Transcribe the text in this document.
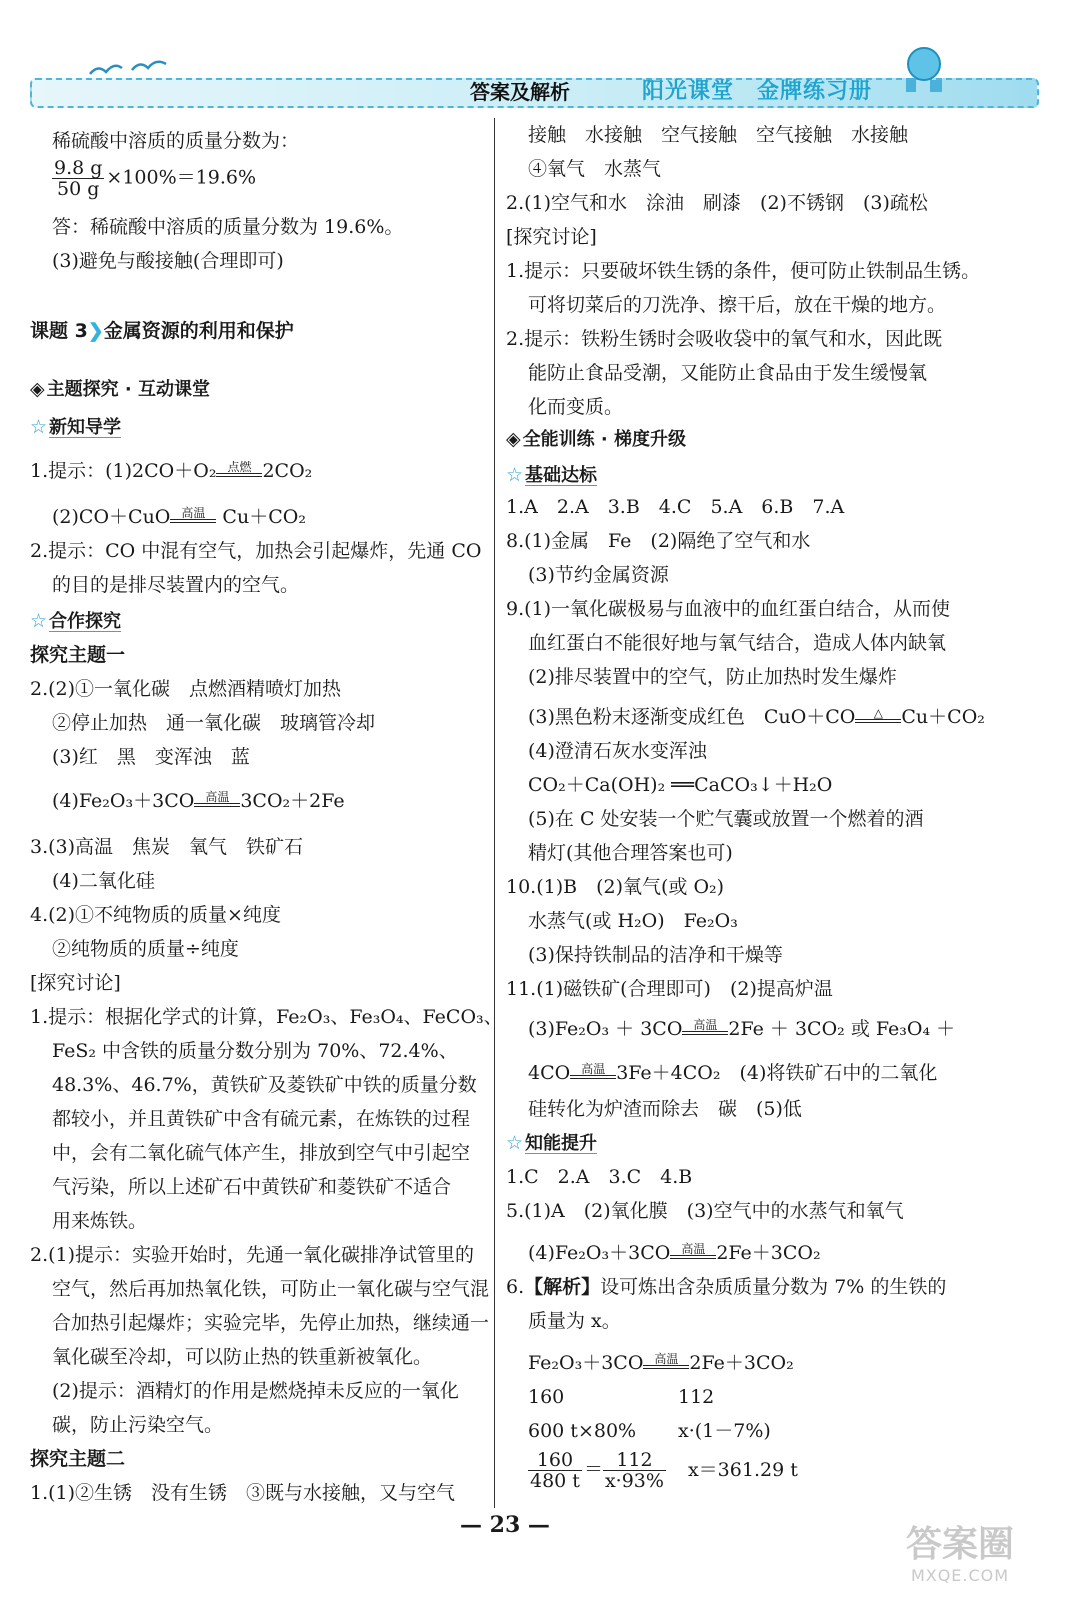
答案及解析	阳光课堂　金牌练习册
稀硫酸中溶质的质量分数为：
$\frac{9.8 g}{50 g} \times 100\%=19.6\%$
答：稀硫酸中溶质的质量分数为 19.6%。
(3)避免与酸接触(合理即可)
课题 3❯金属资源的利用和保护
◈ 主题探究 · 互动课堂
☆ 新知导学
1.提示：(1)2CO＋O₂ 点燃 2CO₂
(2)CO＋CuO 高温 Cu＋CO₂
2.提示：CO 中混有空气，加热会引起爆炸，先通 CO
的目的是排尽装置内的空气。
☆ 合作探究
探究主题一
2.(2)①一氧化碳　点燃酒精喷灯加热
②停止加热　通一氧化碳　玻璃管冷却
(3)红　黑　变浑浊　蓝
(4)Fe₂O₃＋3CO 高温 3CO₂＋2Fe
3.(3)高温　焦炭　氧气　铁矿石
(4)二氧化硅
4.(2)①不纯物质的质量×纯度
②纯物质的质量÷纯度
[探究讨论]
1.提示：根据化学式的计算，Fe₂O₃、Fe₃O₄、FeCO₃、
FeS₂ 中含铁的质量分数分别为 70%、72.4%、
48.3%、46.7%，黄铁矿及菱铁矿中铁的质量分数
都较小，并且黄铁矿中含有硫元素，在炼铁的过程
中，会有二氧化硫气体产生，排放到空气中引起空
气污染，所以上述矿石中黄铁矿和菱铁矿不适合
用来炼铁。
2.(1)提示：实验开始时，先通一氧化碳排净试管里的
空气，然后再加热氧化铁，可防止一氧化碳与空气混
合加热引起爆炸；实验完毕，先停止加热，继续通一
氧化碳至冷却，可以防止热的铁重新被氧化。
(2)提示：酒精灯的作用是燃烧掉未反应的一氧化
碳，防止污染空气。
探究主题二
1.(1)②生锈　没有生锈　③既与水接触，又与空气
接触　水接触　空气接触　空气接触　水接触
④氧气　水蒸气
2.(1)空气和水　涂油　刷漆　(2)不锈钢　(3)疏松
[探究讨论]
1.提示：只要破坏铁生锈的条件，便可防止铁制品生锈。
可将切菜后的刀洗净、擦干后，放在干燥的地方。
2.提示：铁粉生锈时会吸收袋中的氧气和水，因此既
能防止食品受潮，又能防止食品由于发生缓慢氧
化而变质。
◈ 全能训练 · 梯度升级
☆ 基础达标
1.A　2.A　3.B　4.C　5.A　6.B　7.A
8.(1)金属　Fe　(2)隔绝了空气和水
(3)节约金属资源
9.(1)一氧化碳极易与血液中的血红蛋白结合，从而使
血红蛋白不能很好地与氧气结合，造成人体内缺氧
(2)排尽装置中的空气，防止加热时发生爆炸
(3)黑色粉末逐渐变成红色　CuO＋CO	△ Cu＋CO₂
(4)澄清石灰水变浑浊
CO₂＋Ca(OH)₂ ══CaCO₃↓＋H₂O
(5)在 C 处安装一个贮气囊或放置一个燃着的酒
精灯(其他合理答案也可)
10.(1)B　(2)氧气(或 O₂)
水蒸气(或 H₂O)　Fe₂O₃
(3)保持铁制品的洁净和干燥等
11.(1)磁铁矿(合理即可)　(2)提高炉温
(3)Fe₂O₃ ＋ 3CO 高温 2Fe ＋ 3CO₂ 或 Fe₃O₄ ＋
4CO 高温 3Fe＋4CO₂　(4)将铁矿石中的二氧化
硅转化为炉渣而除去　碳　(5)低
☆ 知能提升
1.C　2.A　3.C　4.B
5.(1)A　(2)氧化膜　(3)空气中的水蒸气和氧气
(4)Fe₂O₃＋3CO 高温 2Fe＋3CO₂
6.【解析】设可炼出含杂质质量分数为 7% 的生铁的
质量为 x。
Fe₂O₃＋3CO 高温 2Fe＋3CO₂
160	112
600 t×80% x·(1－7%)
$\frac{160}{480 t} = \frac{112}{x\cdot 93\%} x=361.29$ t
— 23 —	答案圈
MXQE.COM
